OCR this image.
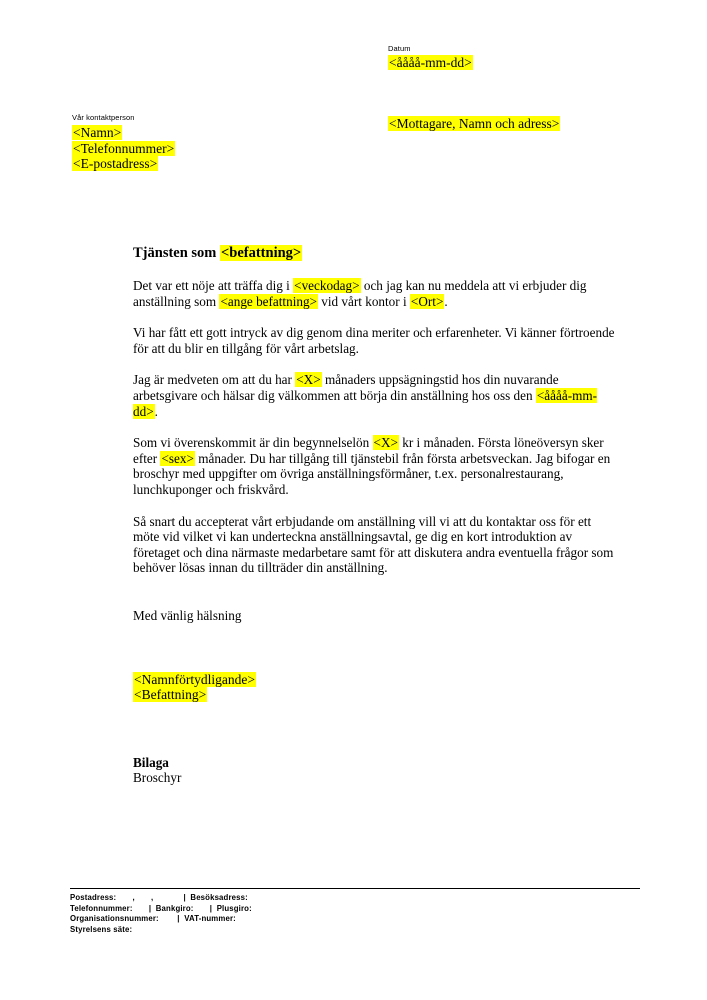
Datum
<åååå-mm-dd>
Vår kontaktperson
<Namn>
<Telefonnummer>
<E-postadress>
<Mottagare, Namn och adress>
Tjänsten som <befattning>

Det var ett nöje att träffa dig i <veckodag> och jag kan nu meddela att vi erbjuder dig anställning som <ange befattning> vid vårt kontor i <Ort>.

Vi har fått ett gott intryck av dig genom dina meriter och erfarenheter. Vi känner förtroende för att du blir en tillgång för vårt arbetslag.

Jag är medveten om att du har <X> månaders uppsägningstid hos din nuvarande arbetsgivare och hälsar dig välkommen att börja din anställning hos oss den <åååå-mm-dd>.

Som vi överenskommit är din begynnelselön <X> kr i månaden. Första löneöversyn sker efter <sex> månader. Du har tillgång till tjänstebil från första arbetsveckan. Jag bifogar en broschyr med uppgifter om övriga anställningsförmåner, t.ex. personalrestaurang, lunchkuponger och friskvård.

Så snart du accepterat vårt erbjudande om anställning vill vi att du kontaktar oss för ett möte vid vilket vi kan underteckna anställningsavtal, ge dig en kort introduktion av företaget och dina närmaste medarbetare samt för att diskutera andra eventuella frågor som behöver lösas innan du tillträder din anställning.

Med vänlig hälsning

<Namnförtydligande>
<Befattning>
Bilaga
Broschyr
Postadress:       ,       ,             |  Besöksadress:
Telefonnummer:       |  Bankgiro:       |  Plusgiro:
Organisationsnummer:        |  VAT-nummer:
Styrelsens säte:
